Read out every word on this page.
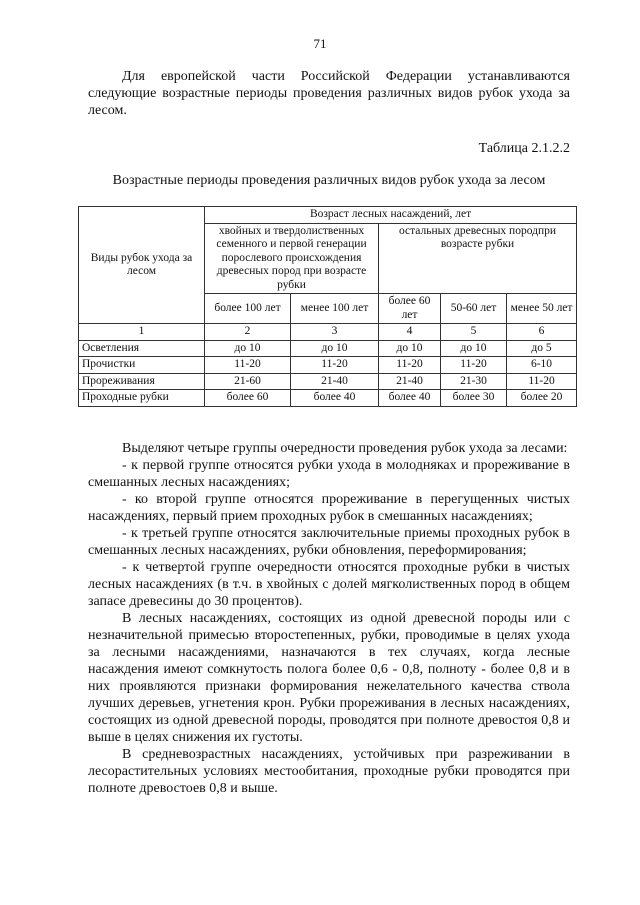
71

Для европейской части Российской Федерации устанавливаются следующие возрастные периоды проведения различных видов рубок ухода за лесом.

Таблица 2.1.2.2

Возрастные периоды проведения различных видов рубок ухода за лесом

Виды рубок ухода за лесом	Возраст лесных насаждений, лет				
	хвойных и твердолиственных семенного и первой генерации порослевого происхождения древесных пород при возрасте рубки		остальных древесных породпри возрасте рубки		
	более 100 лет	менее 100 лет	более 60 лет	50-60 лет	менее 50 лет
1	2	3	4	5	6
Осветления	до 10	до 10	до 10	до 10	до 5
Прочистки	11-20	11-20	11-20	11-20	6-10
Прореживания	21-60	21-40	21-40	21-30	11-20
Проходные рубки	более 60	более 40	более 40	более 30	более 20

Выделяют четыре группы очередности проведения рубок ухода за лесами:

- к первой группе относятся рубки ухода в молодняках и прореживание в смешанных лесных насаждениях;

- ко второй группе относятся прореживание в перегущенных чистых насаждениях, первый прием проходных рубок в смешанных насаждениях;

- к третьей группе относятся заключительные приемы проходных рубок в смешанных лесных насаждениях, рубки обновления, переформирования;

- к четвертой группе очередности относятся проходные рубки в чистых лесных насаждениях (в т.ч. в хвойных с долей мягколиственных пород в общем запасе древесины до 30 процентов).

В лесных насаждениях, состоящих из одной древесной породы или с незначительной примесью второстепенных, рубки, проводимые в целях ухода за лесными насаждениями, назначаются в тех случаях, когда лесные насаждения имеют сомкнутость полога более 0,6 - 0,8, полноту - более 0,8 и в них проявляются признаки формирования нежелательного качества ствола лучших деревьев, угнетения крон. Рубки прореживания в лесных насаждениях, состоящих из одной древесной породы, проводятся при полноте древостоя 0,8 и выше в целях снижения их густоты.

В средневозрастных насаждениях, устойчивых при разреживании в лесорастительных условиях местообитания, проходные рубки проводятся при полноте древостоев 0,8 и выше.
